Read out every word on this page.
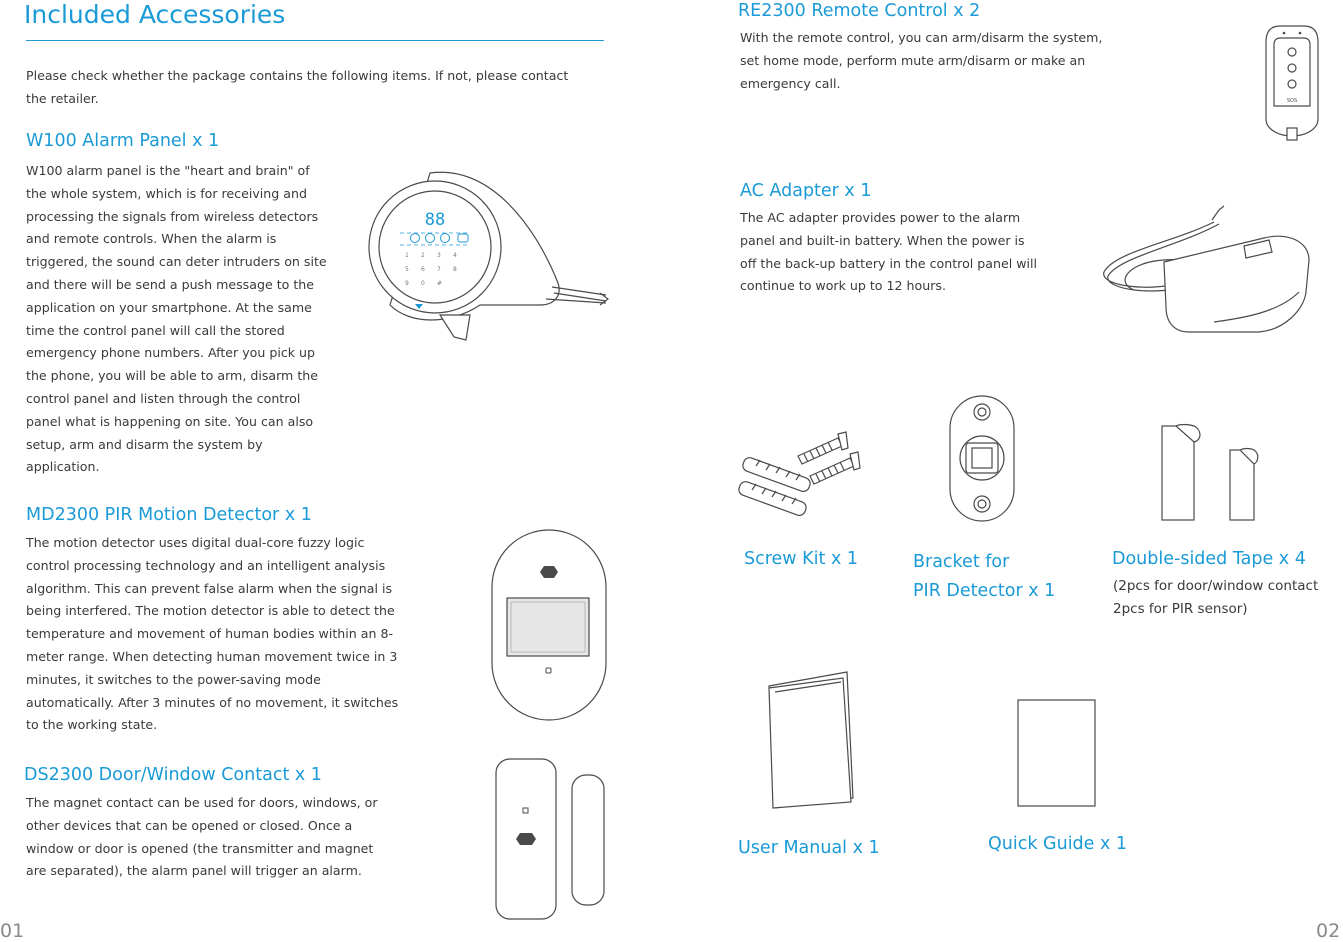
Included Accessories
Please check whether the package contains the following items. If not, please contact
the retailer.
W100 Alarm Panel x 1
W100 alarm panel is the "heart and brain" of
the whole system, which is for receiving and
processing the signals from wireless detectors
and remote controls. When the alarm is
triggered, the sound can deter intruders on site
and there will be send a push message to the
application on your smartphone. At the same
time the control panel will call the stored
emergency phone numbers. After you pick up
the phone, you will be able to arm, disarm the
control panel and listen through the control
panel what is happening on site. You can also
setup, arm and disarm the system by
application.
88
1 2 3 4
5 6 7 8
9 0 #
MD2300 PIR Motion Detector x 1
The motion detector uses digital dual-core fuzzy logic
control processing technology and an intelligent analysis
algorithm. This can prevent false alarm when the signal is
being interfered. The motion detector is able to detect the
temperature and movement of human bodies within an 8-
meter range. When detecting human movement twice in 3
minutes, it switches to the power-saving mode
automatically. After 3 minutes of no movement, it switches
to the working state.
DS2300 Door/Window Contact x 1
The magnet contact can be used for doors, windows, or
other devices that can be opened or closed. Once a
window or door is opened (the transmitter and magnet
are separated), the alarm panel will trigger an alarm.
01
RE2300 Remote Control x 2
With the remote control, you can arm/disarm the system,
set home mode, perform mute arm/disarm or make an
emergency call.
SOS
AC Adapter x 1
The AC adapter provides power to the alarm
panel and built-in battery. When the power is
off the back-up battery in the control panel will
continue to work up to 12 hours.
Screw Kit x 1	Bracket for
PIR Detector x 1
Double-sided Tape x 4
(2pcs for door/window contact
2pcs for PIR sensor)
User Manual x 1	Quick Guide x 1
02
